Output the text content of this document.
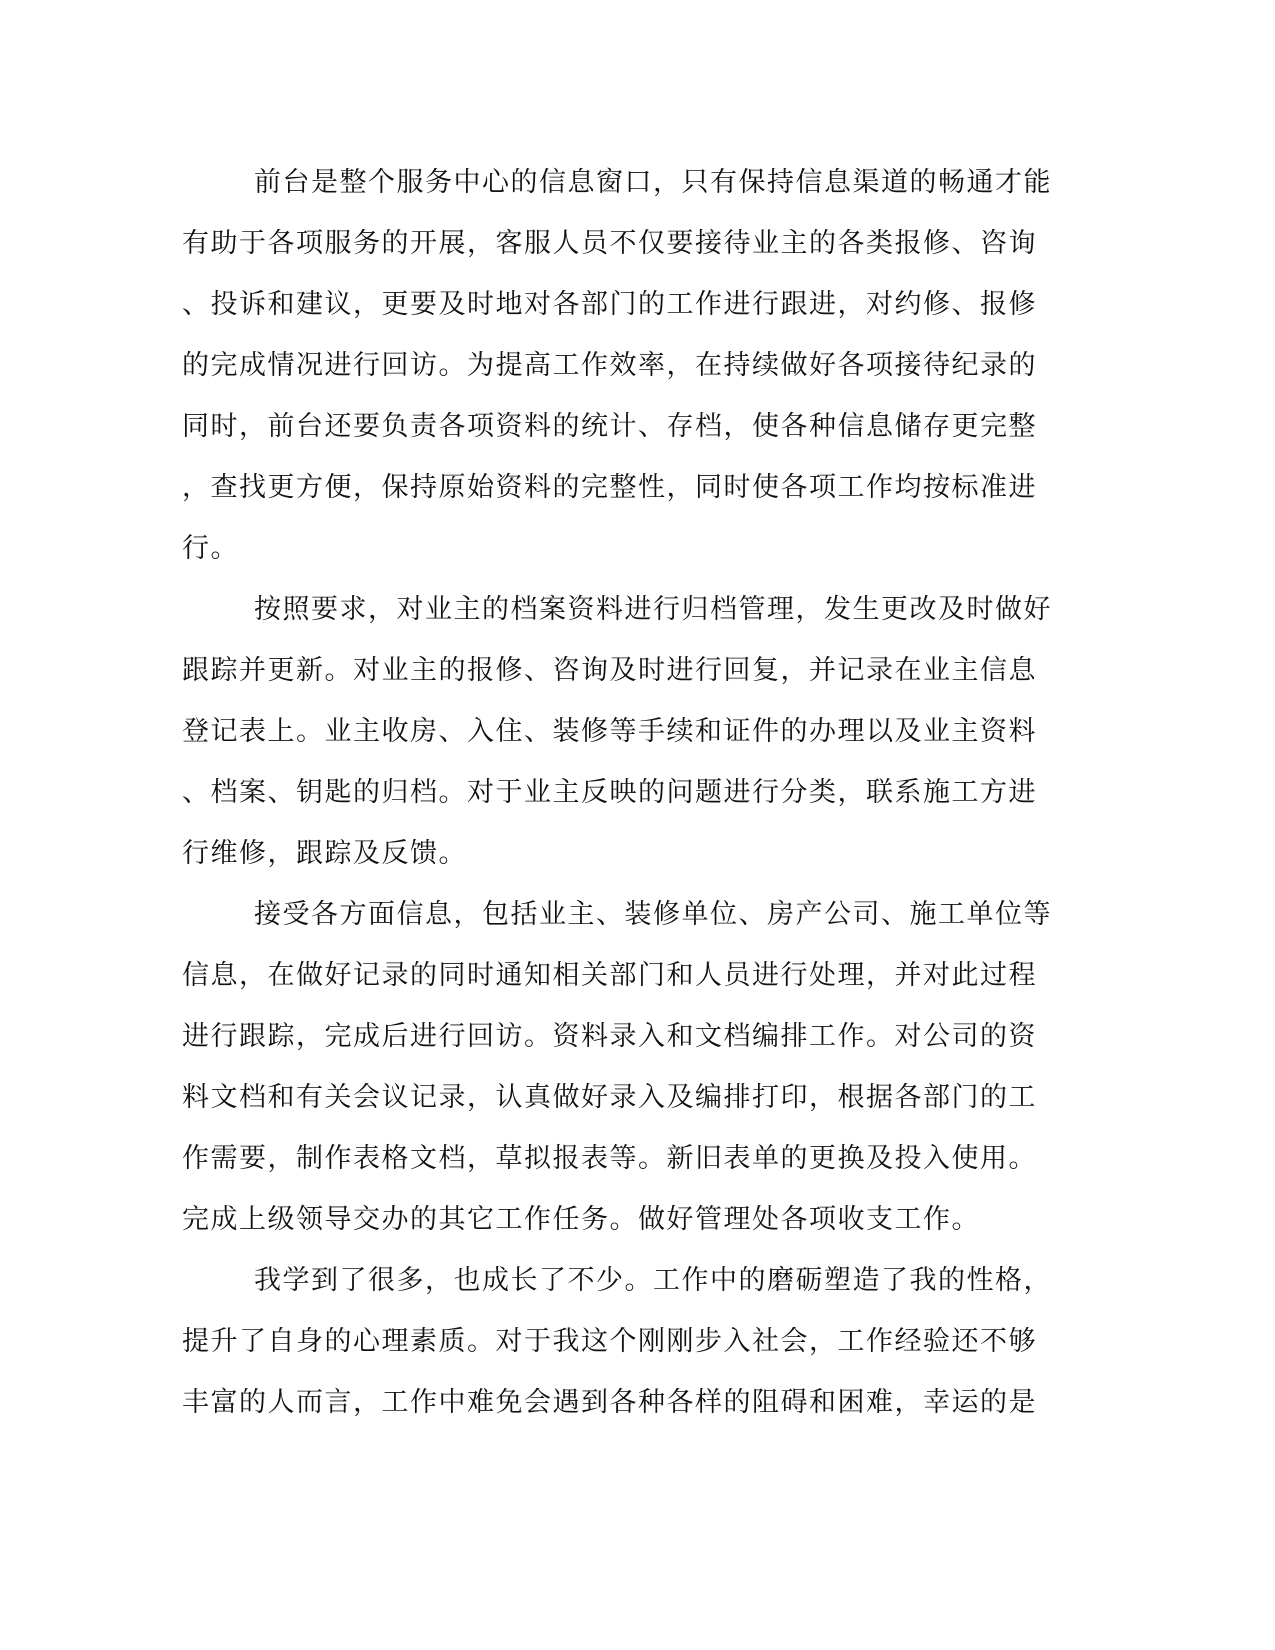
前台是整个服务中心的信息窗口，只有保持信息渠道的畅通才能
有助于各项服务的开展，客服人员不仅要接待业主的各类报修、咨询
、投诉和建议，更要及时地对各部门的工作进行跟进，对约修、报修
的完成情况进行回访。为提高工作效率，在持续做好各项接待纪录的
同时，前台还要负责各项资料的统计、存档，使各种信息储存更完整
，查找更方便，保持原始资料的完整性，同时使各项工作均按标准进
行。
按照要求，对业主的档案资料进行归档管理，发生更改及时做好
跟踪并更新。对业主的报修、咨询及时进行回复，并记录在业主信息
登记表上。业主收房、入住、装修等手续和证件的办理以及业主资料
、档案、钥匙的归档。对于业主反映的问题进行分类，联系施工方进
行维修，跟踪及反馈。
接受各方面信息，包括业主、装修单位、房产公司、施工单位等
信息，在做好记录的同时通知相关部门和人员进行处理，并对此过程
进行跟踪，完成后进行回访。资料录入和文档编排工作。对公司的资
料文档和有关会议记录，认真做好录入及编排打印，根据各部门的工
作需要，制作表格文档，草拟报表等。新旧表单的更换及投入使用。
完成上级领导交办的其它工作任务。做好管理处各项收支工作。
我学到了很多，也成长了不少。工作中的磨砺塑造了我的性格，
提升了自身的心理素质。对于我这个刚刚步入社会，工作经验还不够
丰富的人而言，工作中难免会遇到各种各样的阻碍和困难，幸运的是
